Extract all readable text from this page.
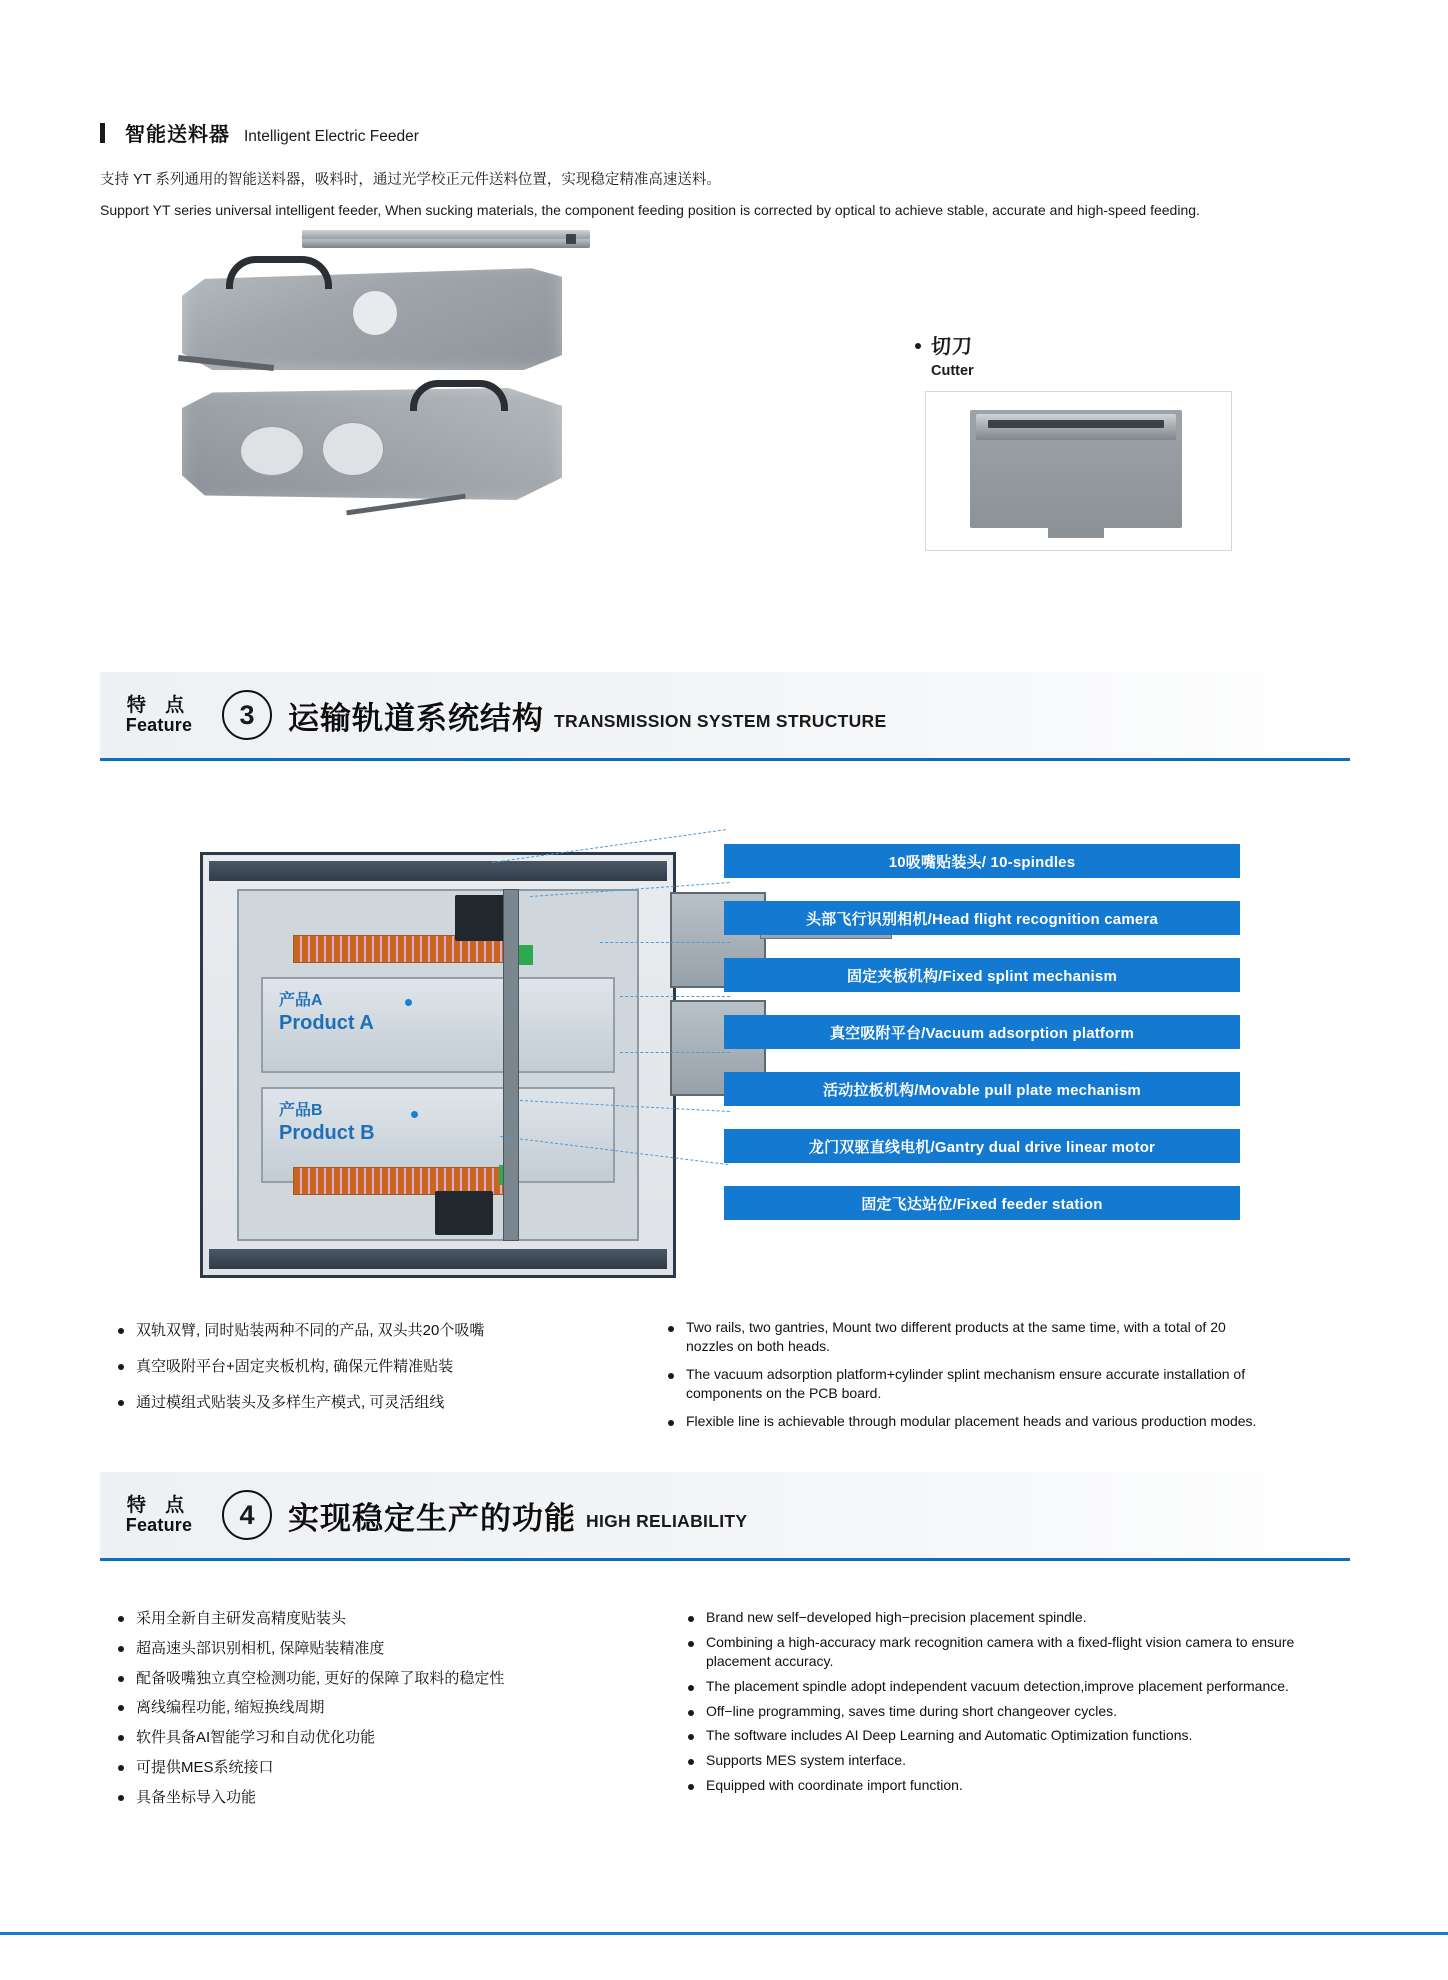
智能送料器 Intelligent Electric Feeder
支持 YT 系列通用的智能送料器，吸料时，通过光学校正元件送料位置，实现稳定精准高速送料。
Support YT series universal intelligent feeder, When sucking materials, the component feeding position is corrected by optical to achieve stable, accurate and high-speed feeding.
切刀
Cutter
特 点
Feature	3	运输轨道系统结构 TRANSMISSION SYSTEM STRUCTURE
产品A
Product A
产品B
Product B
10吸嘴贴装头/ 10-spindles
头部飞行识别相机/Head flight recognition camera
固定夹板机构/Fixed splint mechanism
真空吸附平台/Vacuum adsorption platform
活动拉板机构/Movable pull plate mechanism
龙门双驱直线电机/Gantry dual drive linear motor
固定飞达站位/Fixed feeder station
双轨双臂, 同时贴装两种不同的产品, 双头共20个吸嘴
真空吸附平台+固定夹板机构, 确保元件精准贴装
通过模组式贴装头及多样生产模式, 可灵活组线
Two rails, two gantries, Mount two different products at the same time, with a total of 20 nozzles on both heads.
The vacuum adsorption platform+cylinder splint mechanism ensure accurate installation of components on the PCB board.
Flexible line is achievable through modular placement heads and various production modes.
特 点
Feature	4	实现稳定生产的功能 HIGH RELIABILITY
采用全新自主研发高精度贴装头
超高速头部识别相机, 保障贴装精准度
配备吸嘴独立真空检测功能, 更好的保障了取料的稳定性
离线编程功能, 缩短换线周期
软件具备AI智能学习和自动优化功能
可提供MES系统接口
具备坐标导入功能
Brand new self−developed high−precision placement spindle.
Combining a high-accuracy mark recognition camera with a fixed-flight vision camera to ensure placement accuracy.
The placement spindle adopt independent vacuum detection,improve placement performance.
Off−line programming, saves time during short changeover cycles.
The software includes AI Deep Learning and Automatic Optimization functions.
Supports MES system interface.
Equipped with coordinate import function.
